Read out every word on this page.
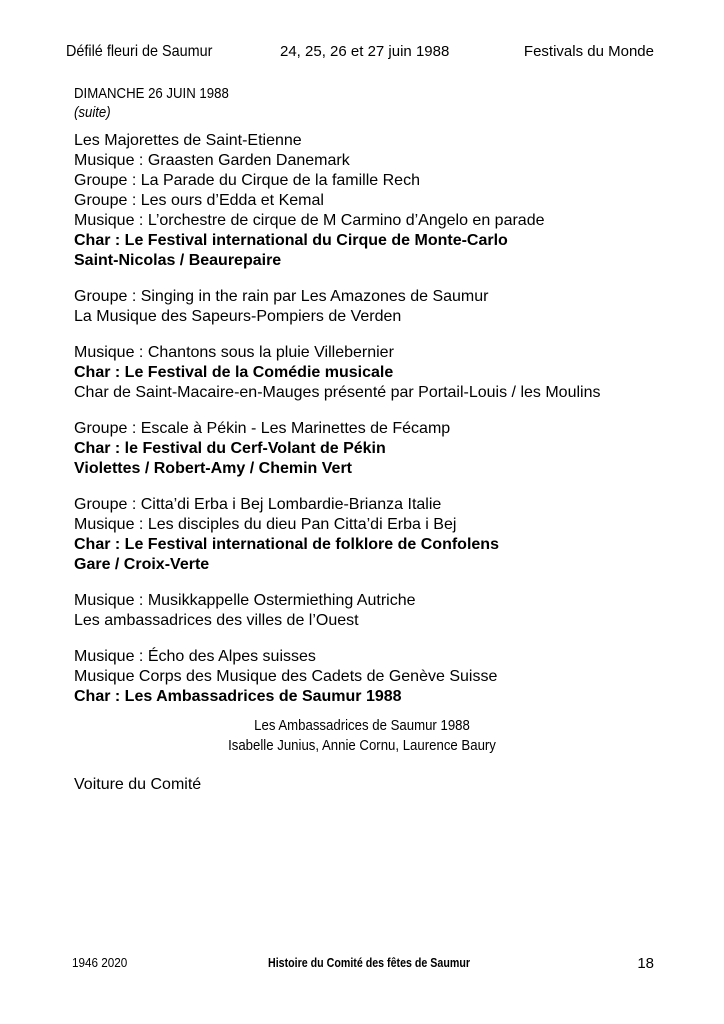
Défilé fleuri de Saumur	24, 25, 26 et 27 juin 1988	Festivals du Monde
DIMANCHE 26 JUIN 1988
(suite)
Les Majorettes de Saint-Etienne
Musique : Graasten Garden Danemark
Groupe : La Parade du Cirque de la famille Rech
Groupe : Les ours d’Edda et Kemal
Musique : L’orchestre de cirque de M Carmino d’Angelo en parade
Char : Le Festival international du Cirque de Monte-Carlo
Saint-Nicolas / Beaurepaire
Groupe : Singing in the rain par Les Amazones de Saumur
La Musique des Sapeurs-Pompiers de Verden
Musique : Chantons sous la pluie Villebernier
Char : Le Festival de la Comédie musicale
Char de Saint-Macaire-en-Mauges présenté par Portail-Louis / les Moulins
Groupe : Escale à Pékin - Les Marinettes de Fécamp
Char : le Festival du Cerf-Volant de Pékin
Violettes / Robert-Amy / Chemin Vert
Groupe : Citta’di Erba i Bej Lombardie-Brianza Italie
Musique : Les disciples du dieu Pan Citta’di Erba i Bej
Char : Le Festival international de folklore de Confolens
Gare / Croix-Verte
Musique : Musikkappelle Ostermiething Autriche
Les ambassadrices des villes de l’Ouest
Musique : Écho des Alpes suisses
Musique Corps des Musique des Cadets de Genève Suisse
Char : Les Ambassadrices de Saumur 1988
Les Ambassadrices de Saumur 1988
Isabelle Junius, Annie Cornu, Laurence Baury
Voiture du Comité
1946 2020	Histoire du Comité des fêtes de Saumur	18
